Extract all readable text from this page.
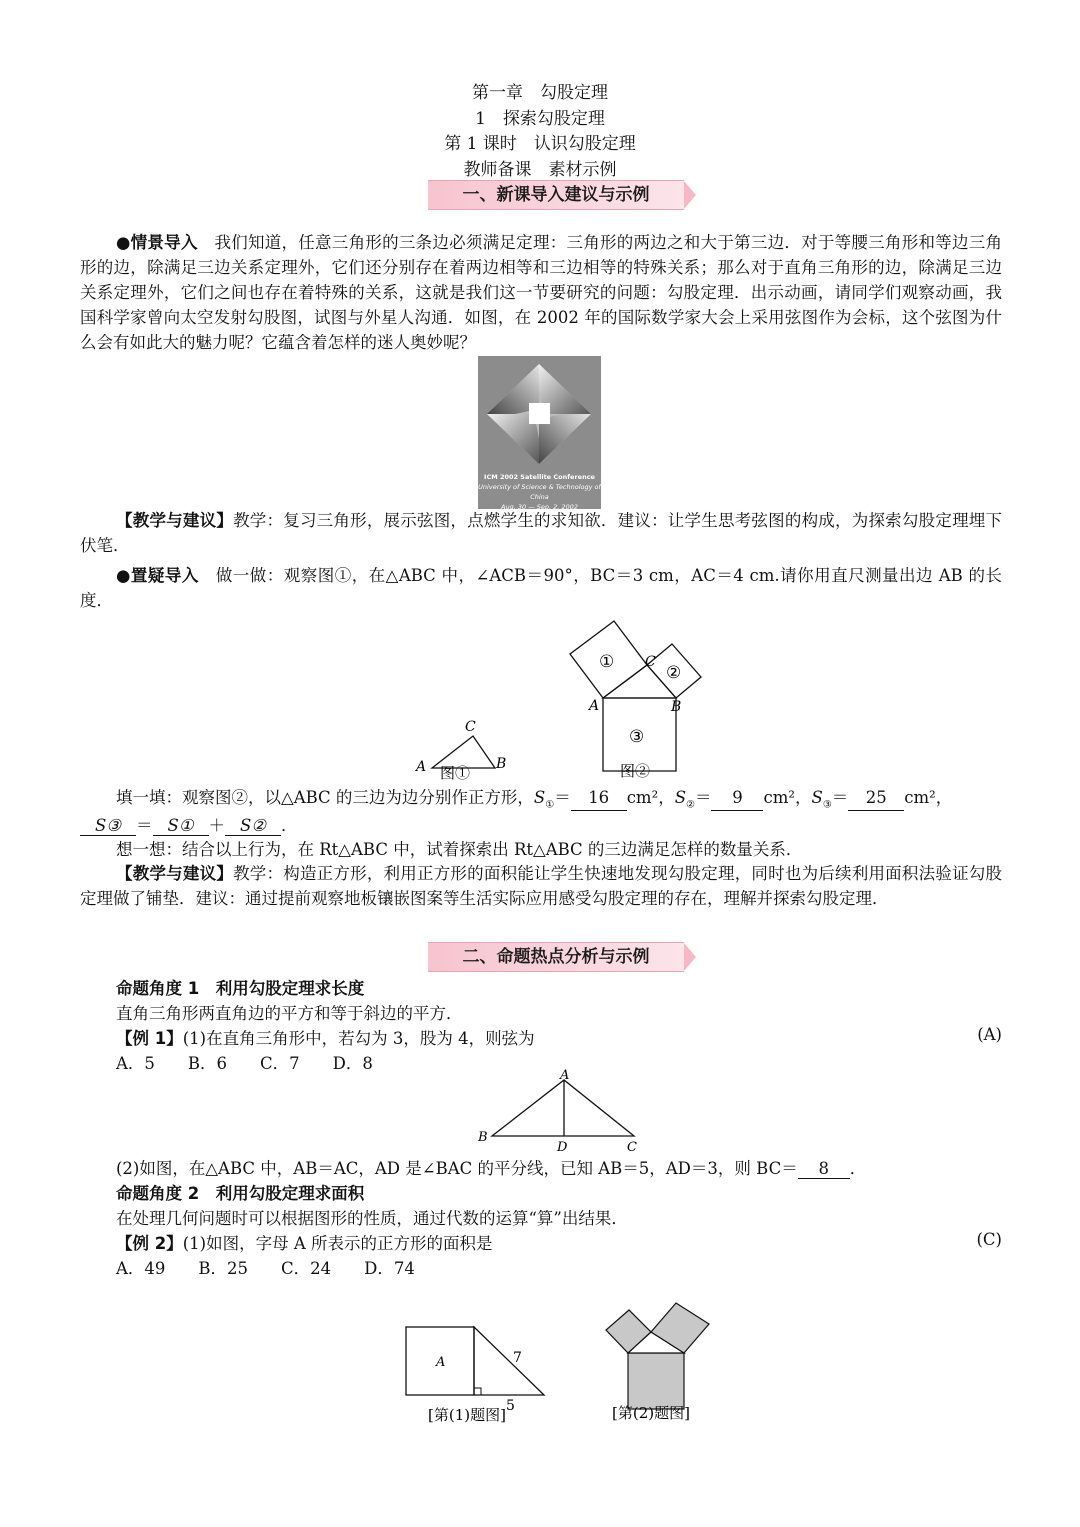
第一章　勾股定理
1　探索勾股定理
第 1 课时　认识勾股定理
教师备课　素材示例
一、新课导入建议与示例
●情景导入　我们知道，任意三角形的三条边必须满足定理：三角形的两边之和大于第三边．对于等腰三角形和等边三角形的边，除满足三边关系定理外，它们还分别存在着两边相等和三边相等的特殊关系；那么对于直角三角形的边，除满足三边关系定理外，它们之间也存在着特殊的关系，这就是我们这一节要研究的问题：勾股定理．出示动画，请同学们观察动画，我国科学家曾向太空发射勾股图，试图与外星人沟通．如图，在 2002 年的国际数学家大会上采用弦图作为会标，这个弦图为什么会有如此大的魅力呢？它蕴含着怎样的迷人奥妙呢？
ICM 2002 Satellite Conference
University of Science & Technology of China
Aug. 30 — Sep. 2, 2002
【教学与建议】教学：复习三角形，展示弦图，点燃学生的求知欲．建议：让学生思考弦图的构成，为探索勾股定理埋下伏笔．
●置疑导入　做一做：观察图①，在△ABC 中，∠ACB＝90°，BC＝3 cm，AC＝4 cm.请你用直尺测量出边 AB 的长度．
C
A	B
图①
①
②
③
C
A	B
图②
填一填：观察图②，以△ABC 的三边为边分别作正方形，$S_①= 16$ cm²，$S_②= 9$ cm²，$S_③= 25$ cm²，
S③ ＝ S① ＋ S② ．
想一想：结合以上行为，在 Rt△ABC 中，试着探索出 Rt△ABC 的三边满足怎样的数量关系．
【教学与建议】教学：构造正方形，利用正方形的面积能让学生快速地发现勾股定理，同时也为后续利用面积法验证勾股定理做了铺垫．建议：通过提前观察地板镶嵌图案等生活实际应用感受勾股定理的存在，理解并探索勾股定理．
二、命题热点分析与示例
命题角度 1　利用勾股定理求长度
直角三角形两直角边的平方和等于斜边的平方．
【例 1】(1)在直角三角形中，若勾为 3，股为 4，则弦为	(A)
A．5　　B．6　　C．7　　D．8
A
B
C
D
(2)如图，在△ABC 中，AB＝AC，AD 是∠BAC 的平分线，已知 AB＝5，AD＝3，则 BC＝ 8 ．
命题角度 2　利用勾股定理求面积
在处理几何问题时可以根据图形的性质，通过代数的运算“算”出结果．
【例 2】(1)如图，字母 A 所表示的正方形的面积是	(C)
A．49　　B．25　　C．24　　D．74
A	7
5
[第(1)题图]	[第(2)题图]
